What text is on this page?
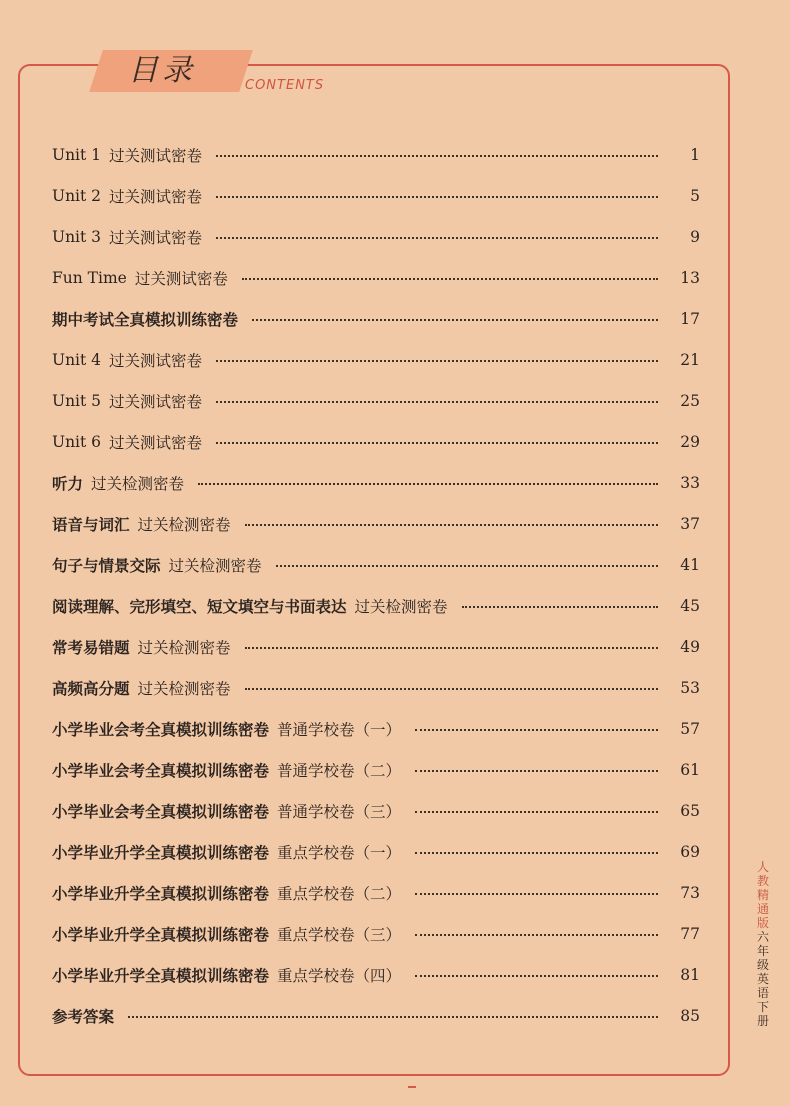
目录	CONTENTS
Unit 1 过关测试密卷	1
Unit 2 过关测试密卷	5
Unit 3 过关测试密卷	9
Fun Time 过关测试密卷	13
期中考试全真模拟训练密卷	17
Unit 4 过关测试密卷	21
Unit 5 过关测试密卷	25
Unit 6 过关测试密卷	29
听力 过关检测密卷	33
语音与词汇 过关检测密卷	37
句子与情景交际 过关检测密卷	41
阅读理解、完形填空、短文填空与书面表达 过关检测密卷	45
常考易错题 过关检测密卷	49
高频高分题 过关检测密卷	53
小学毕业会考全真模拟训练密卷 普通学校卷（一）	57
小学毕业会考全真模拟训练密卷 普通学校卷（二）	61
小学毕业会考全真模拟训练密卷 普通学校卷（三）	65
小学毕业升学全真模拟训练密卷 重点学校卷（一）	69
小学毕业升学全真模拟训练密卷 重点学校卷（二）	73
小学毕业升学全真模拟训练密卷 重点学校卷（三）	77
小学毕业升学全真模拟训练密卷 重点学校卷（四）	81
参考答案	85
人教精通版 六年级英语下册
